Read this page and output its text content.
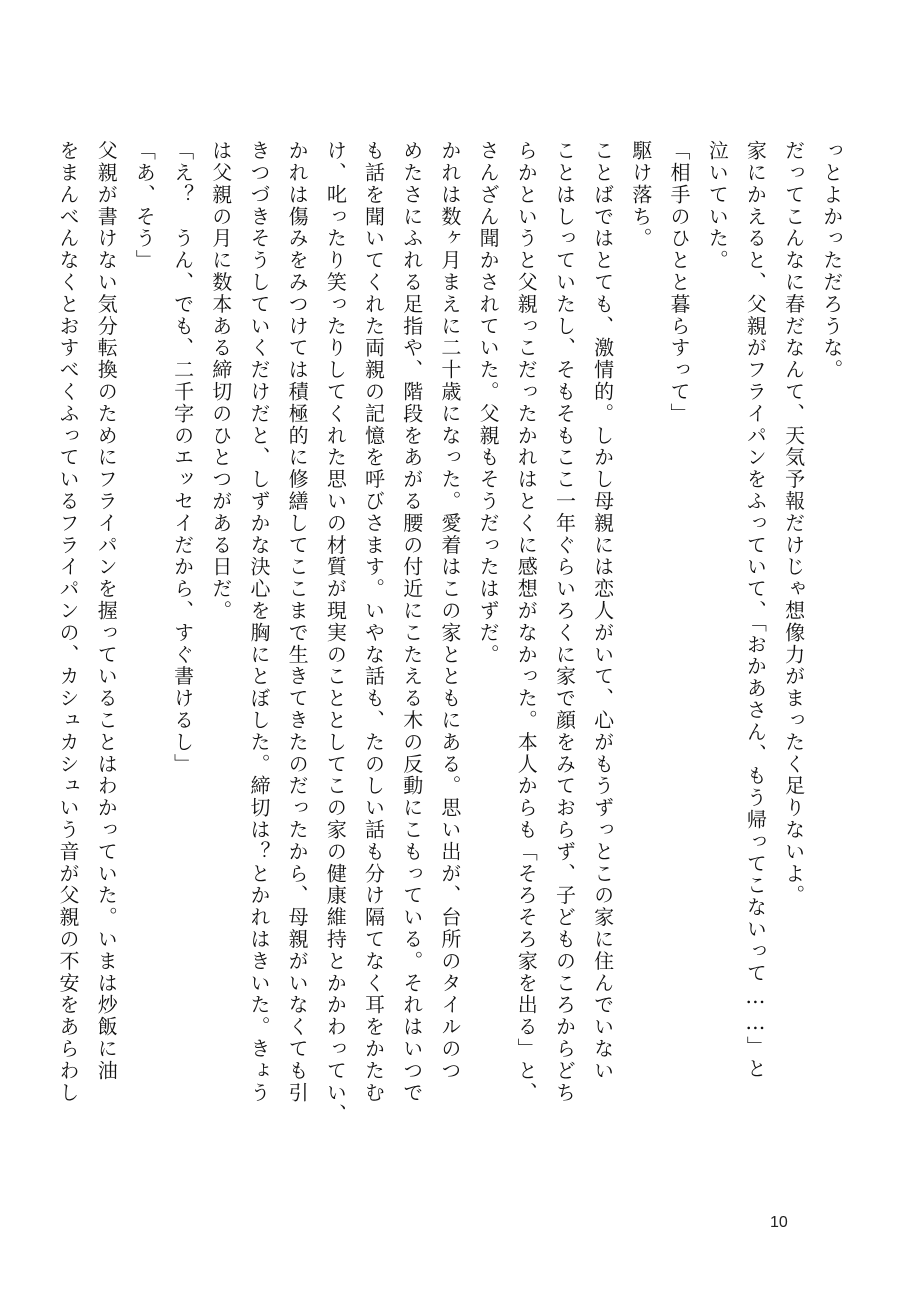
っとよかっただろうな。
だってこんなに春だなんて、天気予報だけじゃ想像力がまったく足りないよ。
家にかえると、父親がフライパンをふっていて、「おかあさん、もう帰ってこないって……」と
泣いていた。
「相手のひとと暮らすって」
駆け落ち。
ことばではとても、激情的。しかし母親には恋人がいて、心がもうずっとこの家に住んでいない
ことはしっていたし、そもそもここ一年ぐらいろくに家で顔をみておらず、子どものころからどち
らかというと父親っこだったかれはとくに感想がなかった。本人からも「そろそろ家を出る」と、
さんざん聞かされていた。父親もそうだったはずだ。
かれは数ヶ月まえに二十歳になった。愛着はこの家とともにある。思い出が、台所のタイルのつ
めたさにふれる足指や、階段をあがる腰の付近にこたえる木の反動にこもっている。それはいつで
も話を聞いてくれた両親の記憶を呼びさます。いやな話も、たのしい話も分け隔てなく耳をかたむ
け、叱ったり笑ったりしてくれた思いの材質が現実のこととしてこの家の健康維持とかかわってい、
かれは傷みをみつけては積極的に修繕してここまで生きてきたのだったから、母親がいなくても引
きつづきそうしていくだけだと、しずかな決心を胸にとぼした。締切は？とかれはきいた。きょう
は父親の月に数本ある締切のひとつがある日だ。
「え？　うん、でも、二千字のエッセイだから、すぐ書けるし」
「あ、そう」
父親が書けない気分転換のためにフライパンを握っていることはわかっていた。いまは炒飯に油
をまんべんなくとおすべくふっているフライパンの、カシュカシュいう音が父親の不安をあらわし
10
